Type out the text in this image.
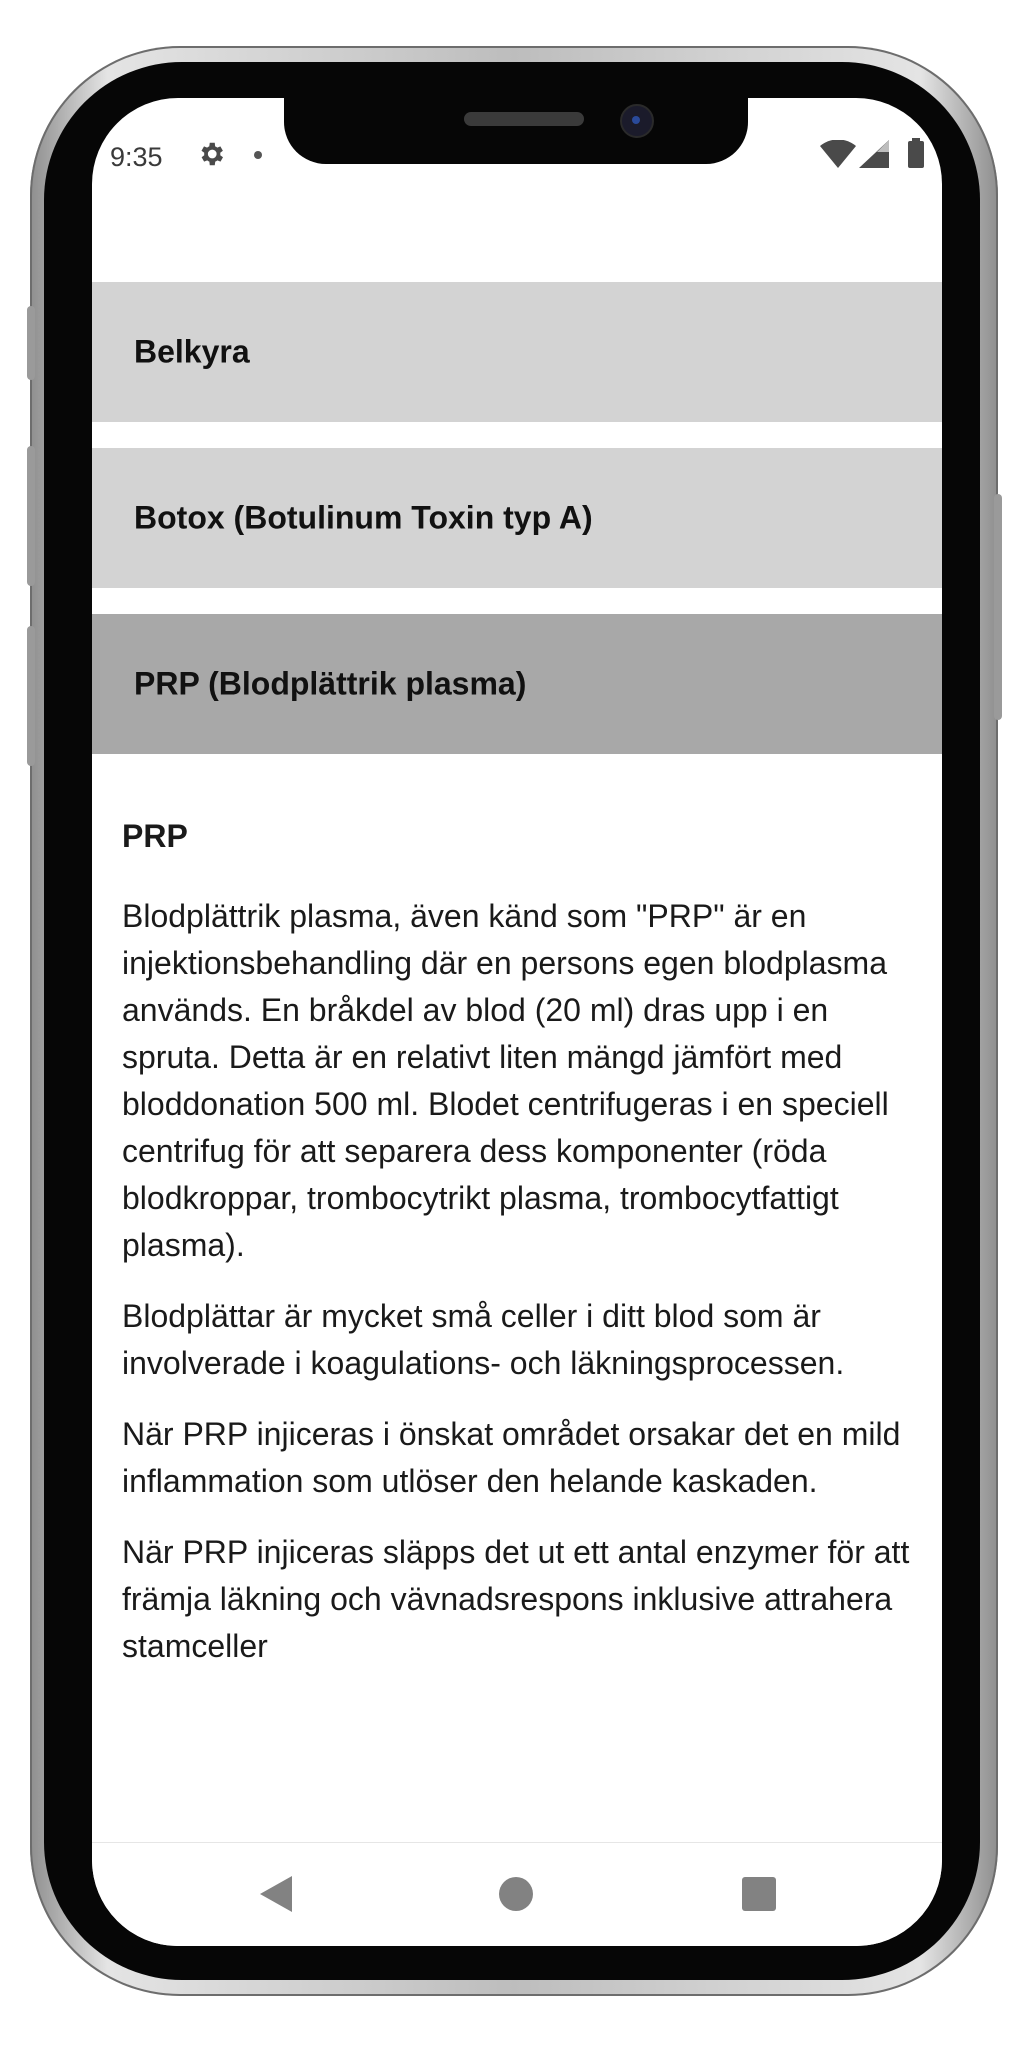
Belkyra
Botox (Botulinum Toxin typ A)
PRP (Blodplättrik plasma)
PRP

Blodplättrik plasma, även känd som "PRP" är en injektionsbehandling där en persons egen blodplasma används. En bråkdel av blod (20 ml) dras upp i en spruta. Detta är en relativt liten mängd jämfört med bloddonation 500 ml. Blodet centrifugeras i en speciell centrifug för att separera dess komponenter (röda blodkroppar, trombocytrikt plasma, trombocytfattigt plasma).

Blodplättar är mycket små celler i ditt blod som är involverade i koagulations- och läkningsprocessen.

När PRP injiceras i önskat området orsakar det en mild inflammation som utlöser den helande kaskaden.

När PRP injiceras släpps det ut ett antal enzymer för att främja läkning och vävnadsrespons inklusive attrahera stamceller

9:35
